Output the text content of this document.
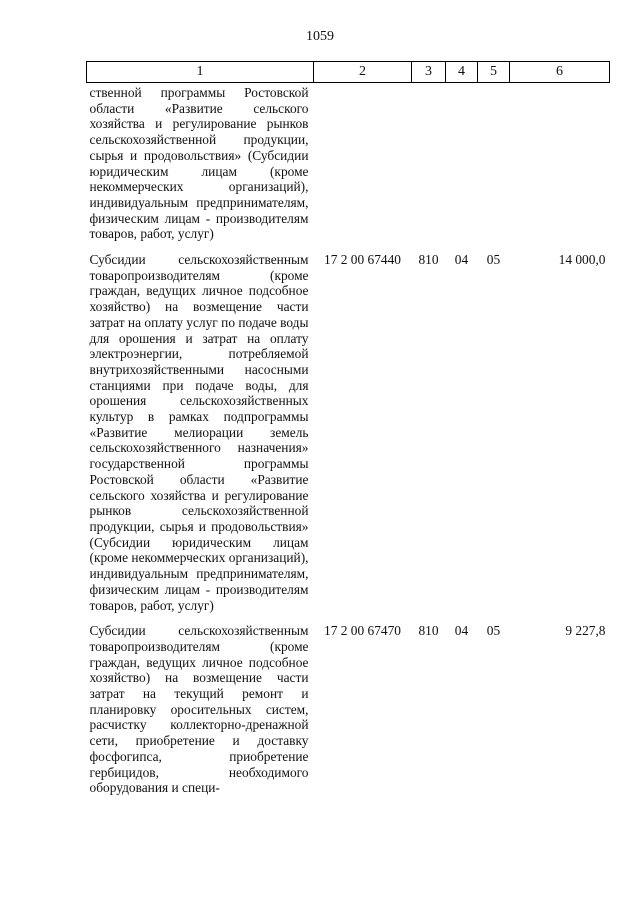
1059
1	2	3	4	5	6
ственной программы Ростовской области «Развитие сельского хозяйства и регулирование рынков сельскохозяйственной продукции, сырья и продовольствия» (Субсидии юридическим лицам (кроме некоммерческих организаций), индивидуальным предпринимателям, физическим лицам - производителям товаров, работ, услуг)					
Субсидии сельскохозяйственным товаропроизводителям (кроме граждан, ведущих личное подсобное хозяйство) на возмещение части затрат на оплату услуг по подаче воды для орошения и затрат на оплату электроэнергии, потребляемой внутрихозяйственными насосными станциями при подаче воды, для орошения сельскохозяйственных культур в рамках подпрограммы «Развитие мелиорации земель сельскохозяйственного назначения» государственной программы Ростовской области «Развитие сельского хозяйства и регулирование рынков сельскохозяйственной продукции, сырья и продовольствия» (Субсидии юридическим лицам (кроме некоммерческих организаций), индивидуальным предпринимателям, физическим лицам - производителям товаров, работ, услуг)	17 2 00 67440	810	04	05	14 000,0
Субсидии сельскохозяйственным товаропроизводителям (кроме граждан, ведущих личное подсобное хозяйство) на возмещение части затрат на текущий ремонт и планировку оросительных систем, расчистку коллекторно-дренажной сети, приобретение и доставку фосфогипса, приобретение гербицидов, необходимого оборудования и специ-	17 2 00 67470	810	04	05	9 227,8
